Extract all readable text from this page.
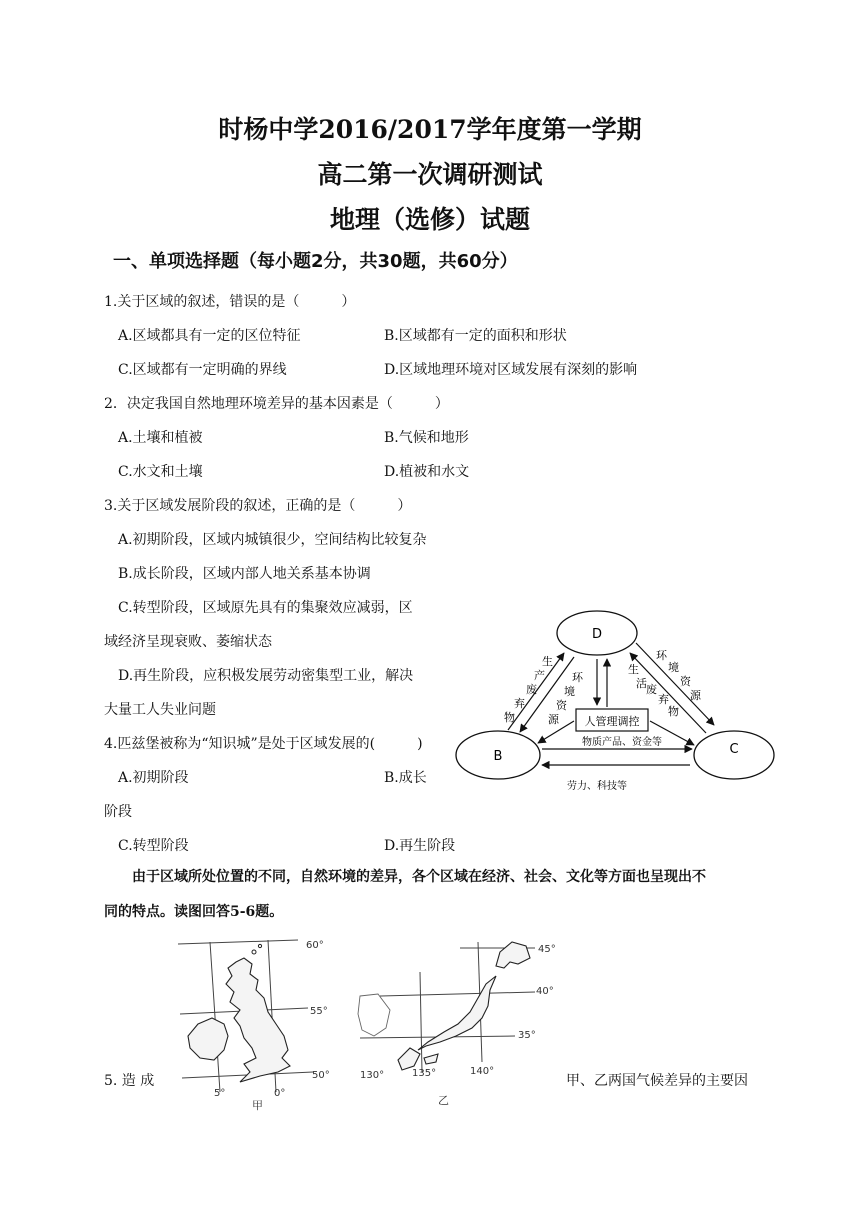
时杨中学2016/2017学年度第一学期
高二第一次调研测试
地理（选修）试题
一、单项选择题（每小题2分，共30题，共60分）
1.关于区域的叙述，错误的是（　　　）
A.区域都具有一定的区位特征	B.区域都有一定的面积和形状
C.区域都有一定明确的界线	D.区域地理环境对区域发展有深刻的影响
2．决定我国自然地理环境差异的基本因素是（　　　）
A.土壤和植被	B.气候和地形
C.水文和土壤	D.植被和水文
3.关于区域发展阶段的叙述，正确的是（　　　）
A.初期阶段，区域内城镇很少，空间结构比较复杂
B.成长阶段，区域内部人地关系基本协调
C.转型阶段，区域原先具有的集聚效应减弱，区
域经济呈现衰败、萎缩状态
D.再生阶段，应积极发展劳动密集型工业，解决
大量工人失业问题
4.匹兹堡被称为“知识城”是处于区域发展的(　　　)
A.初期阶段	B.成长
阶段
C.转型阶段	D.再生阶段
由于区域所处位置的不同，自然环境的差异，各个区域在经济、社会、文化等方面也呈现出不
同的特点。读图回答5-6题。
5. 造 成	甲、乙两国气候差异的主要因
D
B	C
人管理调控
物质产品、资金等
劳力、科技等
生
产
废
弃
物
环
境
资
源
生
活 废
弃
物
环
境
资
源
60°
55°
50°
5°	0°
甲
45°
40°
35°
130°	135°	140°
乙
